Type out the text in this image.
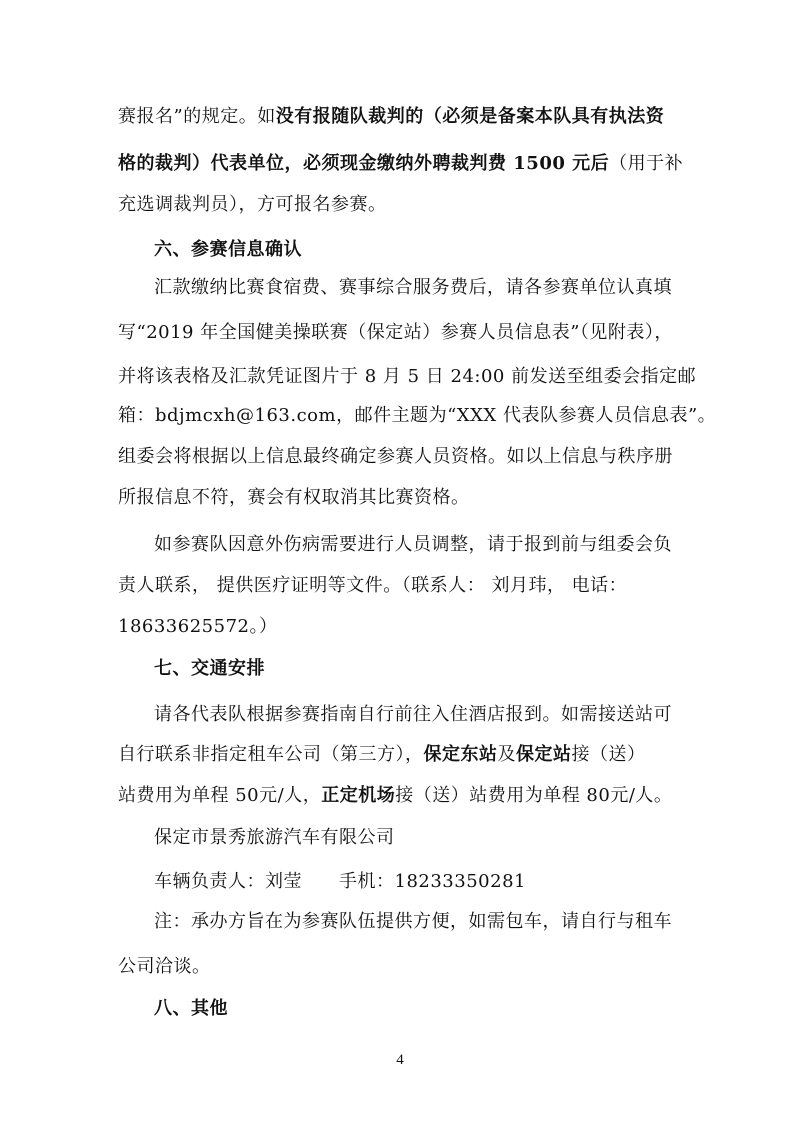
赛报名”的规定。如没有报随队裁判的（必须是备案本队具有执法资
格的裁判）代表单位，必须现金缴纳外聘裁判费 1500 元后（用于补
充选调裁判员），方可报名参赛。
六、参赛信息确认
汇款缴纳比赛食宿费、赛事综合服务费后，请各参赛单位认真填
写“2019 年全国健美操联赛（保定站）参赛人员信息表”（见附表），
并将该表格及汇款凭证图片于 8 月 5 日 24:00 前发送至组委会指定邮
箱：bdjmcxh@163.com，邮件主题为“XXX 代表队参赛人员信息表”。
组委会将根据以上信息最终确定参赛人员资格。如以上信息与秩序册
所报信息不符，赛会有权取消其比赛资格。
如参赛队因意外伤病需要进行人员调整，请于报到前与组委会负
责人联系， 提供医疗证明等文件。（联系人： 刘月玮， 电话：
18633625572。）
七、交通安排
请各代表队根据参赛指南自行前往入住酒店报到。如需接送站可
自行联系非指定租车公司（第三方），保定东站及保定站接（送）
站费用为单程 50元/人，正定机场接（送）站费用为单程 80元/人。
保定市景秀旅游汽车有限公司
车辆负责人：刘莹　　手机：18233350281
注：承办方旨在为参赛队伍提供方便，如需包车，请自行与租车
公司洽谈。
八、其他
4
